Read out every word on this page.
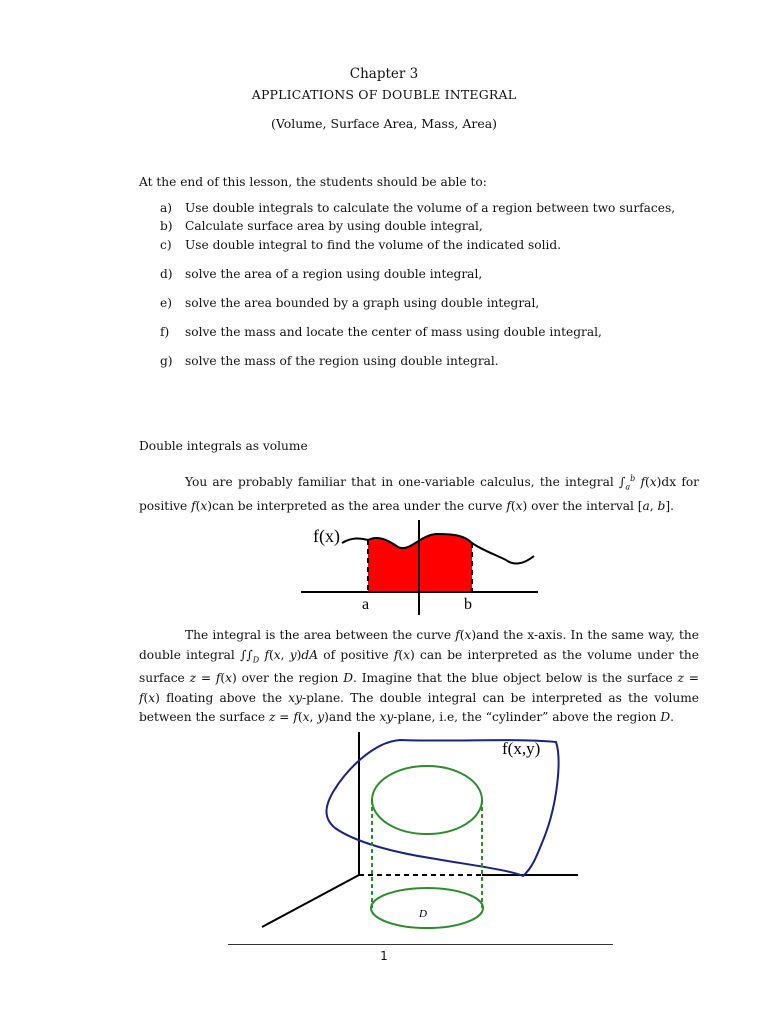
Chapter 3
APPLICATIONS OF DOUBLE INTEGRAL
(Volume, Surface Area, Mass, Area)
At the end of this lesson, the students should be able to:
a) Use double integrals to calculate the volume of a region between two surfaces,
b) Calculate surface area by using double integral,
c) Use double integral to find the volume of the indicated solid.
d) solve the area of a region using double integral,
e) solve the area bounded by a graph using double integral,
f) solve the mass and locate the center of mass using double integral,
g) solve the mass of the region using double integral.
Double integrals as volume
You are probably familiar that in one-variable calculus, the integral $\int_a^b$ f(x)dx for positive f(x)can be interpreted as the area under the curve f(x) over the interval [a, b].
The integral is the area between the curve f(x)and the x-axis. In the same way, the double integral $\int\int_D$ f(x, y)dA of positive f(x) can be interpreted as the volume under the surface z = f(x) over the region D. Imagine that the blue object below is the surface z = f(x) floating above the xy-plane. The double integral can be interpreted as the volume between the surface z = f(x, y)and the xy-plane, i.e, the “cylinder” above the region D.
f(x)
a	b
f(x,y)
D
1
